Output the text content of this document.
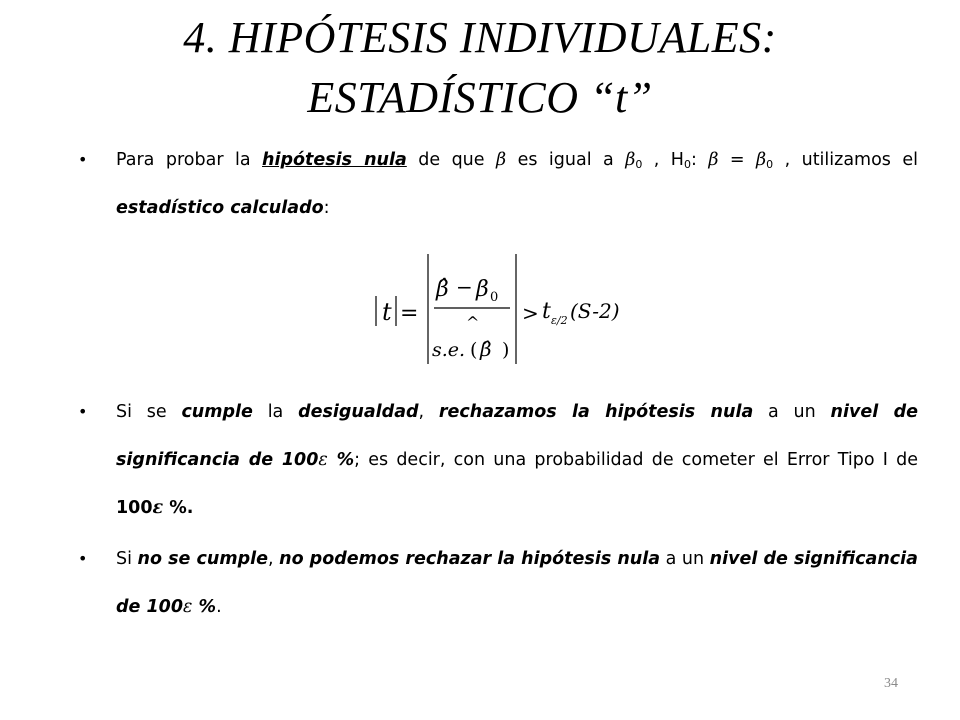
4. HIPÓTESIS INDIVIDUALES:
ESTADÍSTICO “t”
• Para probar la hipótesis nula de que β es igual a $\beta_0$ , $H_0$: $\beta = \beta_0$ , utilizamos el estadístico calculado:
t =
β̂ − β 0
^
s.e. ( β̂ )
> t ε/2 (S-2)
• Si se cumple la desigualdad, rechazamos la hipótesis nula a un nivel de significancia de 100ε %; es decir, con una probabilidad de cometer el Error Tipo I de 100ε %.
• Si no se cumple, no podemos rechazar la hipótesis nula a un nivel de significancia de 100ε %.
34
